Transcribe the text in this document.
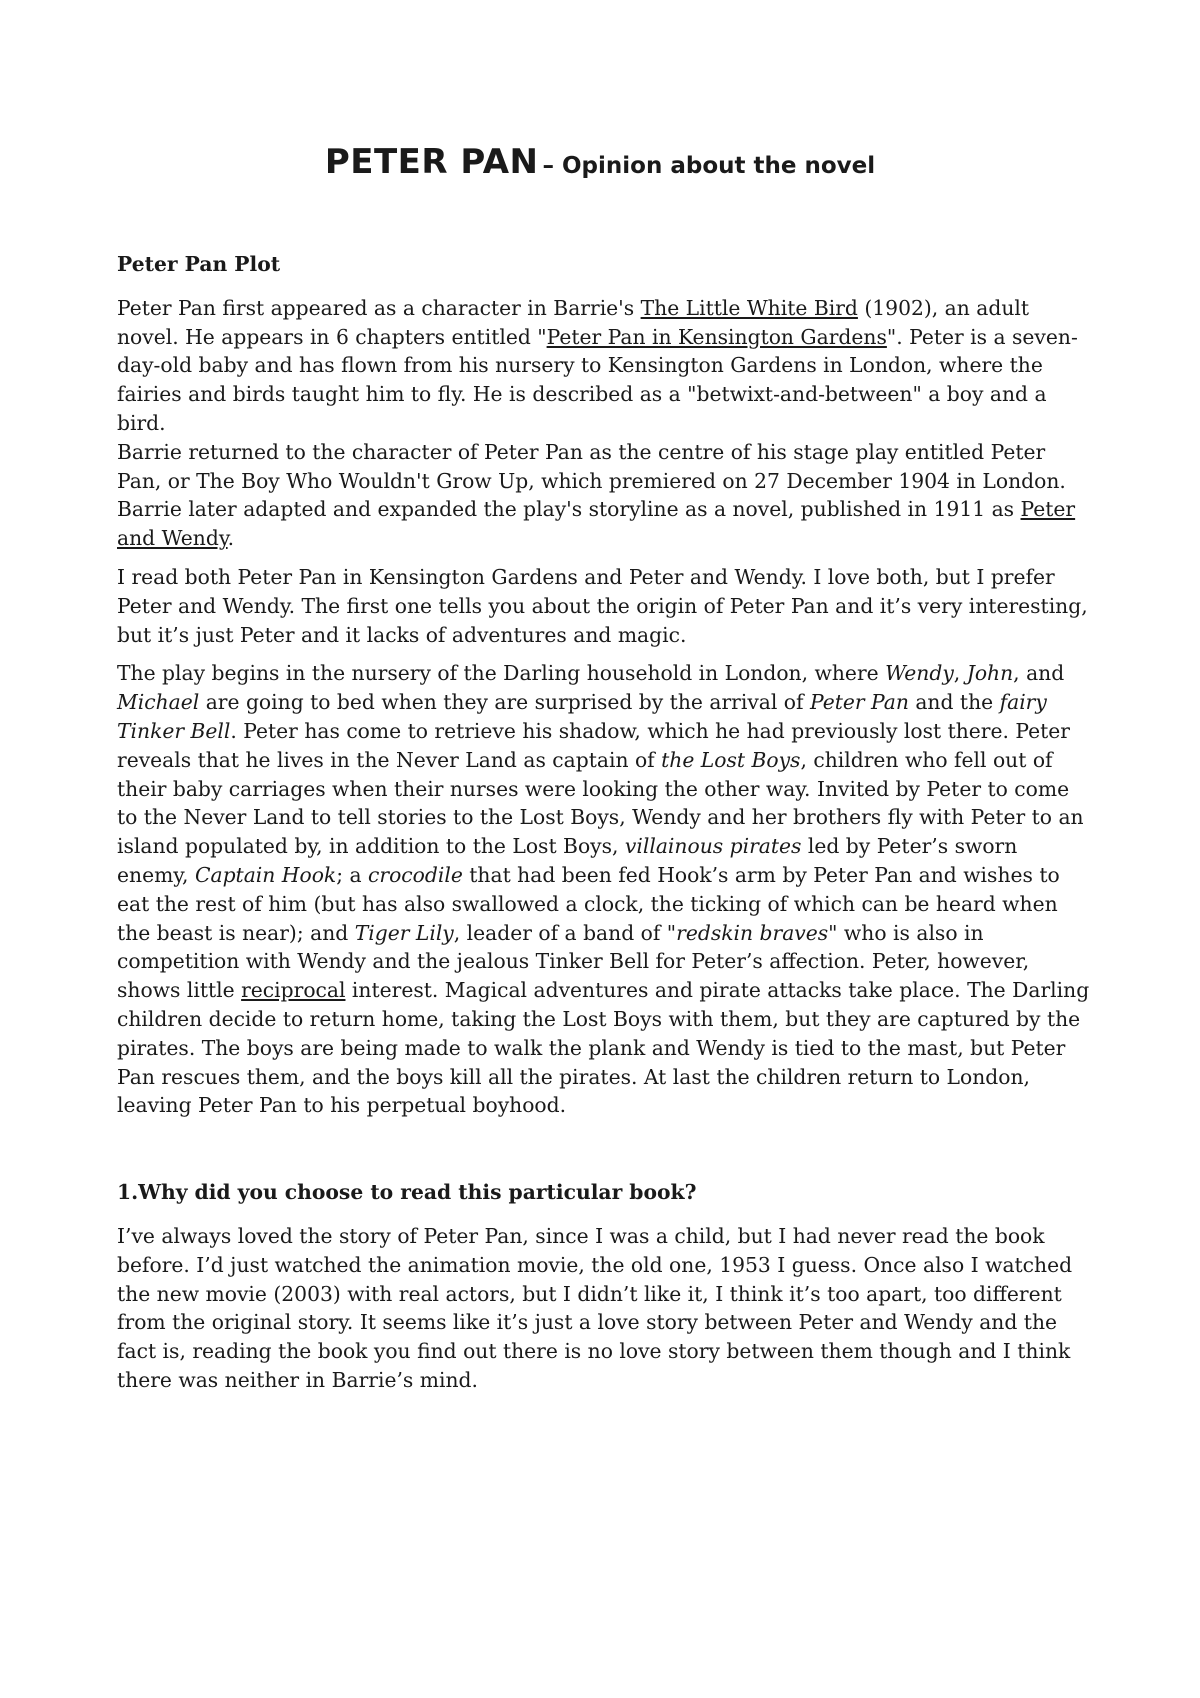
PETER PAN – Opinion about the novel

Peter Pan Plot

Peter Pan first appeared as a character in Barrie's The Little White Bird (1902), an adult novel. He appears in 6 chapters entitled "Peter Pan in Kensington Gardens". Peter is a seven-day-old baby and has flown from his nursery to Kensington Gardens in London, where the fairies and birds taught him to fly. He is described as a "betwixt-and-between" a boy and a bird.

Barrie returned to the character of Peter Pan as the centre of his stage play entitled Peter Pan, or The Boy Who Wouldn't Grow Up, which premiered on 27 December 1904 in London. Barrie later adapted and expanded the play's storyline as a novel, published in 1911 as Peter and Wendy.

I read both Peter Pan in Kensington Gardens and Peter and Wendy. I love both, but I prefer Peter and Wendy. The first one tells you about the origin of Peter Pan and it’s very interesting, but it’s just Peter and it lacks of adventures and magic.

The play begins in the nursery of the Darling household in London, where Wendy, John, and Michael are going to bed when they are surprised by the arrival of Peter Pan and the fairy Tinker Bell. Peter has come to retrieve his shadow, which he had previously lost there. Peter reveals that he lives in the Never Land as captain of the Lost Boys, children who fell out of their baby carriages when their nurses were looking the other way. Invited by Peter to come to the Never Land to tell stories to the Lost Boys, Wendy and her brothers fly with Peter to an island populated by, in addition to the Lost Boys, villainous pirates led by Peter’s sworn enemy, Captain Hook; a crocodile that had been fed Hook’s arm by Peter Pan and wishes to eat the rest of him (but has also swallowed a clock, the ticking of which can be heard when the beast is near); and Tiger Lily, leader of a band of "redskin braves" who is also in competition with Wendy and the jealous Tinker Bell for Peter’s affection. Peter, however, shows little reciprocal interest. Magical adventures and pirate attacks take place. The Darling children decide to return home, taking the Lost Boys with them, but they are captured by the pirates. The boys are being made to walk the plank and Wendy is tied to the mast, but Peter Pan rescues them, and the boys kill all the pirates. At last the children return to London, leaving Peter Pan to his perpetual boyhood.

1.Why did you choose to read this particular book?

I’ve always loved the story of Peter Pan, since I was a child, but I had never read the book before. I’d just watched the animation movie, the old one, 1953 I guess. Once also I watched the new movie (2003) with real actors, but I didn’t like it, I think it’s too apart, too different from the original story. It seems like it’s just a love story between Peter and Wendy and the fact is, reading the book you find out there is no love story between them though and I think there was neither in Barrie’s mind.
